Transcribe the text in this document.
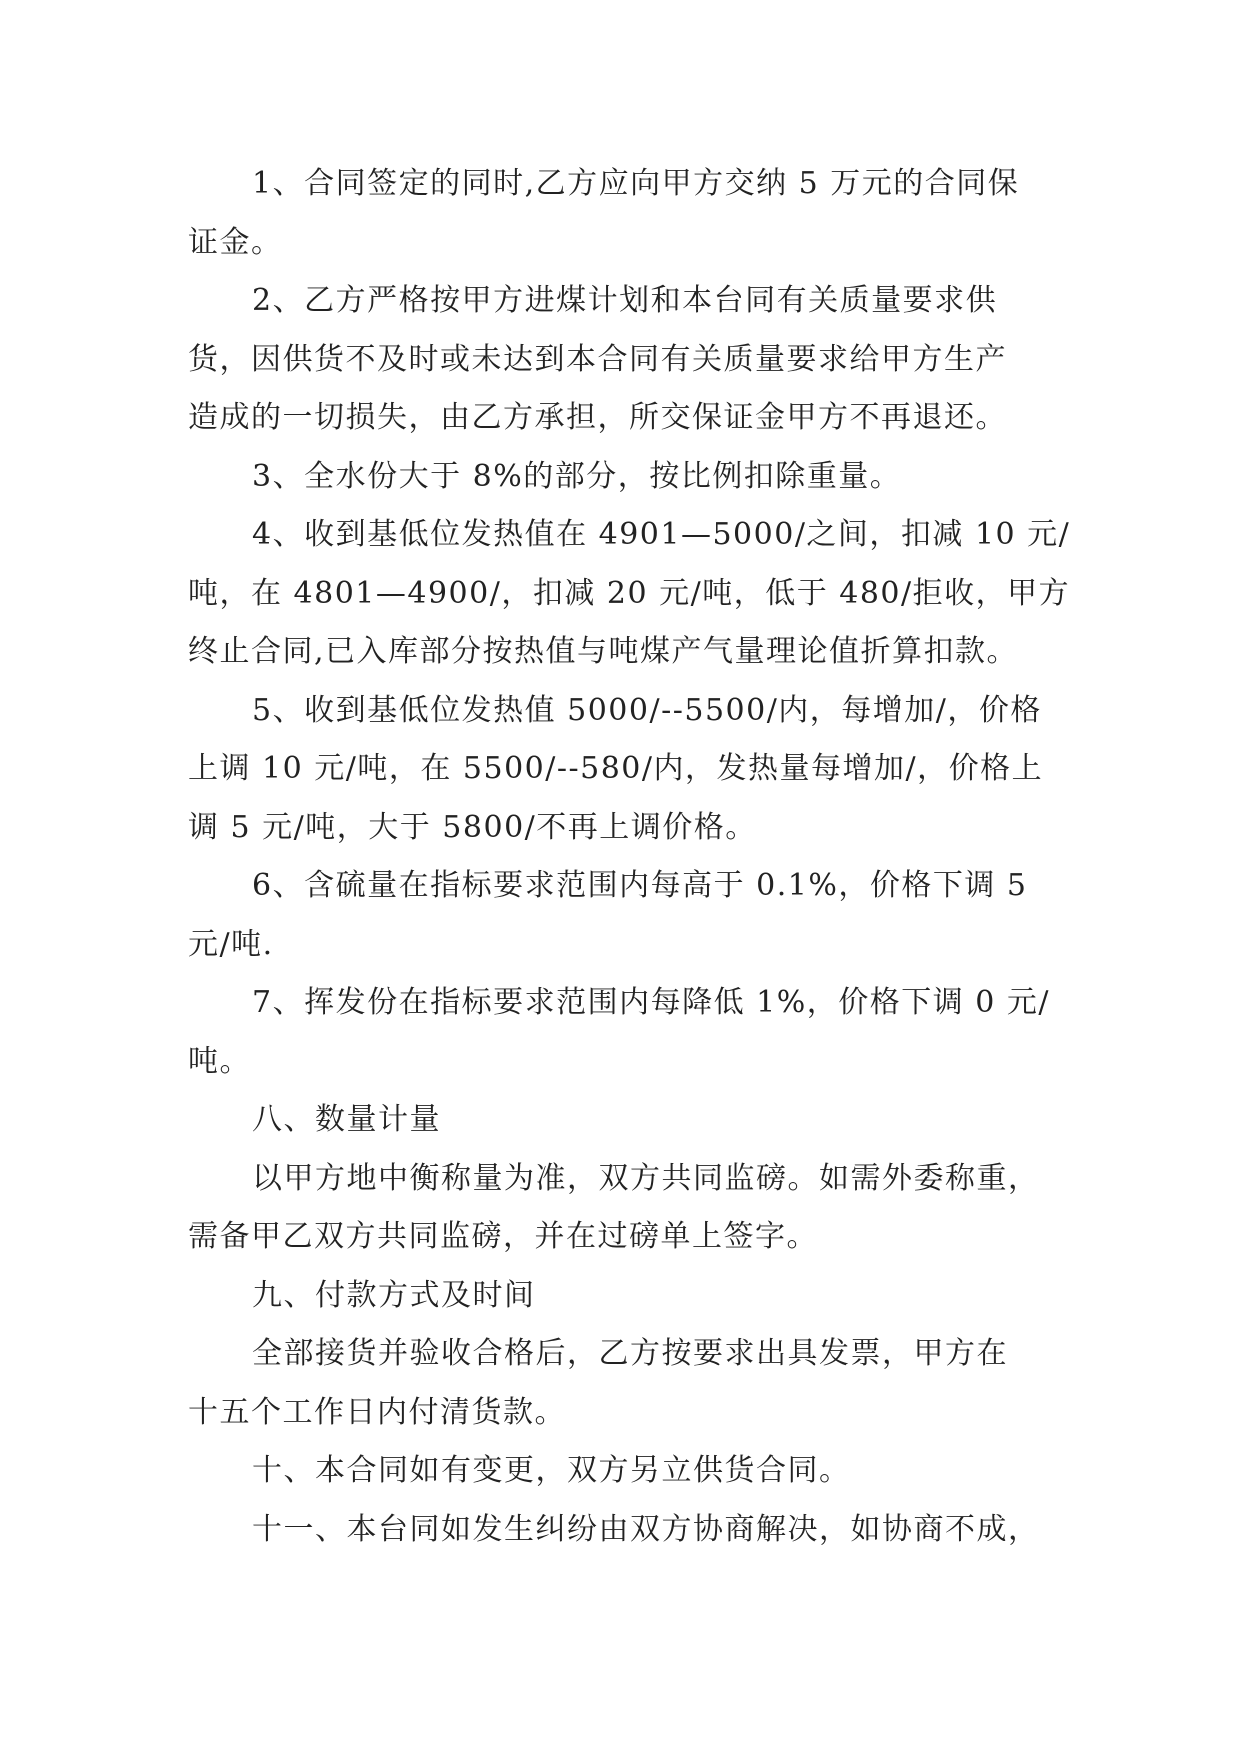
1、合同签定的同时,乙方应向甲方交纳 5 万元的合同保
证金。

2、乙方严格按甲方进煤计划和本台同有关质量要求供
货，因供货不及时或未达到本合同有关质量要求给甲方生产
造成的一切损失，由乙方承担，所交保证金甲方不再退还。

3、全水份大于 8%的部分，按比例扣除重量。

4、收到基低位发热值在 4901—5000/之间，扣减 10 元/
吨，在 4801—4900/，扣减 20 元/吨，低于 480/拒收，甲方
终止合同,已入库部分按热值与吨煤产气量理论值折算扣款。

5、收到基低位发热值 5000/--5500/内，每增加/，价格
上调 10 元/吨，在 5500/--580/内，发热量每增加/，价格上
调 5 元/吨，大于 5800/不再上调价格。

6、含硫量在指标要求范围内每高于 0.1%，价格下调 5
元/吨.

7、挥发份在指标要求范围内每降低 1%，价格下调 0 元/
吨。

八、数量计量

以甲方地中衡称量为准，双方共同监磅。如需外委称重，
需备甲乙双方共同监磅，并在过磅单上签字。

九、付款方式及时间

全部接货并验收合格后，乙方按要求出具发票，甲方在
十五个工作日内付清货款。

十、本合同如有变更，双方另立供货合同。

十一、本台同如发生纠纷由双方协商解决，如协商不成，
